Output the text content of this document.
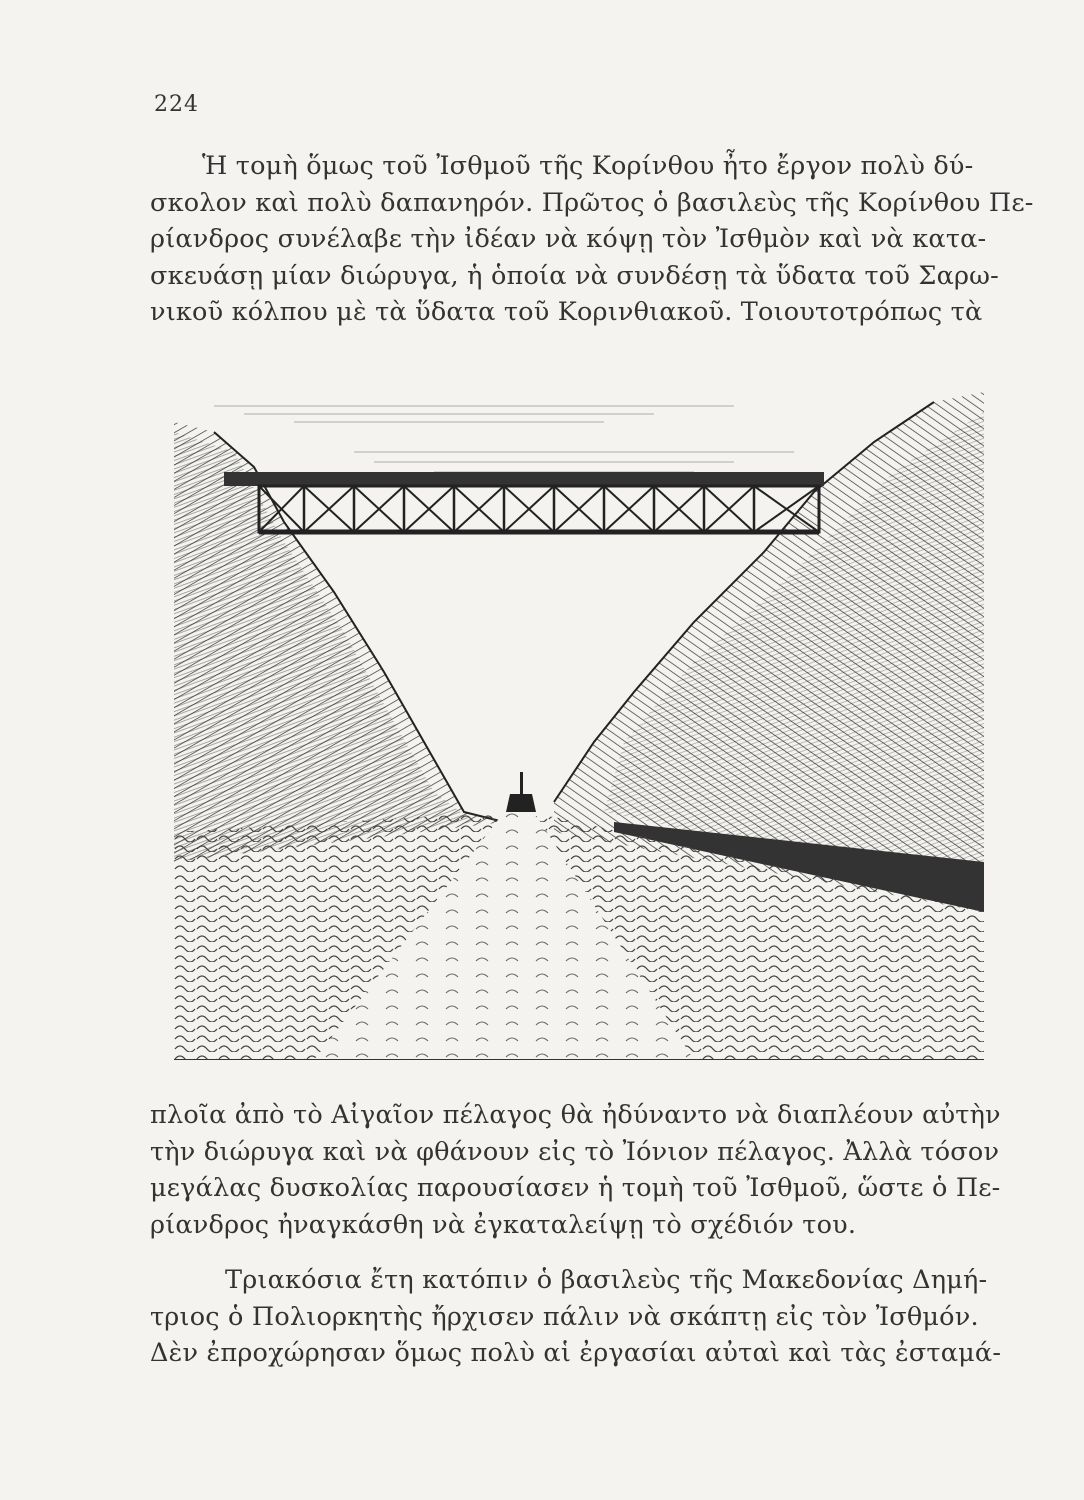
224
Ἡ τομὴ ὅμως τοῦ Ἰσθμοῦ τῆς Κορίνθου ἦτο ἔργον πολὺ δύ-
σκολον καὶ πολὺ δαπανηρόν. Πρῶτος ὁ βασιλεὺς τῆς Κορίνθου Πε-
ρίανδρος συνέλαβε τὴν ἰδέαν νὰ κόψῃ τὸν Ἰσθμὸν καὶ νὰ κατα-
σκευάσῃ μίαν διώρυγα, ἡ ὁποία νὰ συνδέσῃ τὰ ὕδατα τοῦ Σαρω-
νικοῦ κόλπου μὲ τὰ ὕδατα τοῦ Κορινθιακοῦ. Τοιουτοτρόπως τὰ
πλοῖα ἀπὸ τὸ Αἰγαῖον πέλαγος θὰ ἠδύναντο νὰ διαπλέουν αὐτὴν
τὴν διώρυγα καὶ νὰ φθάνουν εἰς τὸ Ἰόνιον πέλαγος. Ἀλλὰ τόσον
μεγάλας δυσκολίας παρουσίασεν ἡ τομὴ τοῦ Ἰσθμοῦ, ὥστε ὁ Πε-
ρίανδρος ἠναγκάσθη νὰ ἐγκαταλείψῃ τὸ σχέδιόν του.
Τριακόσια ἔτη κατόπιν ὁ βασιλεὺς τῆς Μακεδονίας Δημή-
τριος ὁ Πολιορκητὴς ἤρχισεν πάλιν νὰ σκάπτῃ εἰς τὸν Ἰσθμόν.
Δὲν ἐπροχώρησαν ὅμως πολὺ αἱ ἐργασίαι αὐταὶ καὶ τὰς ἐσταμά-
